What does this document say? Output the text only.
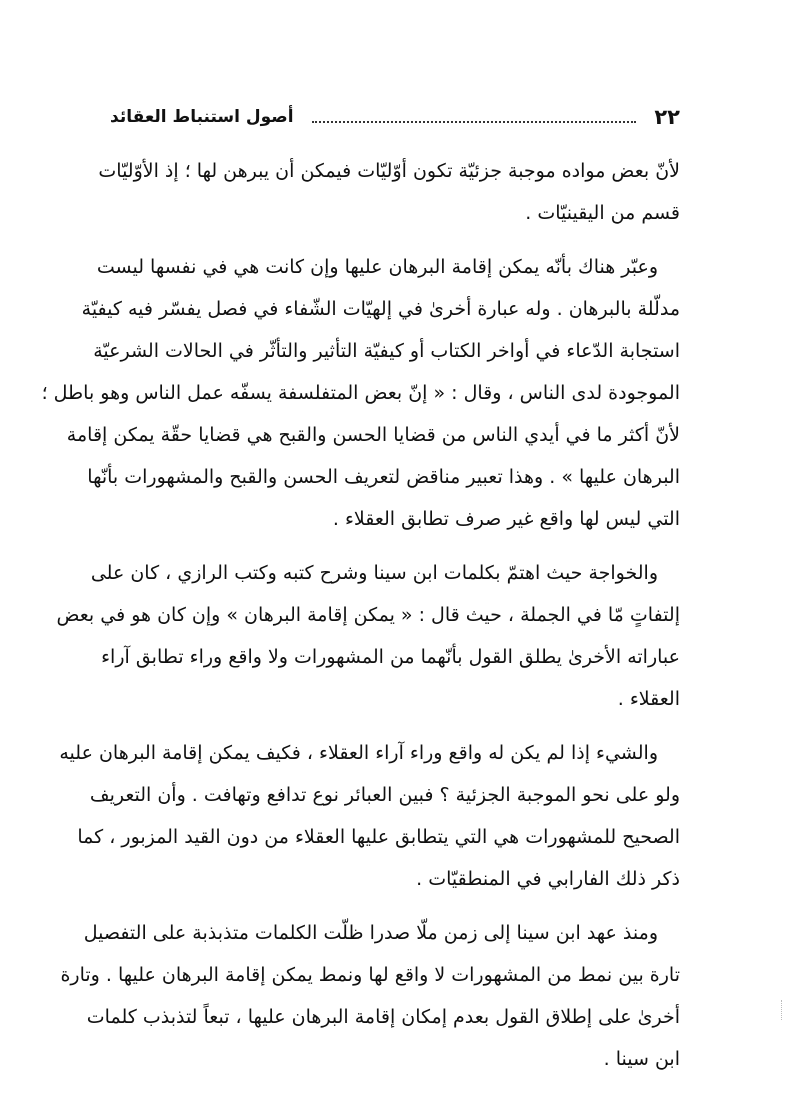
٢٢
أصول استنباط العقائد

لأنّ بعض مواده موجبة جزئيّة تكون أوّليّات فيمكن أن يبرهن لها ؛ إذ الأوّليّات
قسم من اليقينيّات .

وعبّر هناك بأنّه يمكن إقامة البرهان عليها وإن كانت هي في نفسها ليست
مدلّلة بالبرهان . وله عبارة أخرىٰ في إلهيّات الشّفاء في فصل يفسّر فيه كيفيّة
استجابة الدّعاء في أواخر الكتاب أو كيفيّة التأثير والتأثّر في الحالات الشرعيّة
الموجودة لدى الناس ، وقال : « إنّ بعض المتفلسفة يسفّه عمل الناس وهو باطل ؛
لأنّ أكثر ما في أيدي الناس من قضايا الحسن والقبح هي قضايا حقّة يمكن إقامة
البرهان عليها » . وهذا تعبير مناقض لتعريف الحسن والقبح والمشهورات بأنّها
التي ليس لها واقع غير صرف تطابق العقلاء .

والخواجة حيث اهتمّ بكلمات ابن سينا وشرح كتبه وكتب الرازي ، كان على
إلتفاتٍ مّا في الجملة ، حيث قال : « يمكن إقامة البرهان » وإن كان هو في بعض
عباراته الأخرىٰ يطلق القول بأنّهما من المشهورات ولا واقع وراء تطابق آراء
العقلاء .

والشيء إذا لم يكن له واقع وراء آراء العقلاء ، فكيف يمكن إقامة البرهان عليه
ولو على نحو الموجبة الجزئية ؟ فبين العبائر نوع تدافع وتهافت . وأن التعريف
الصحيح للمشهورات هي التي يتطابق عليها العقلاء من دون القيد المزبور ، كما
ذكر ذلك الفارابي في المنطقيّات .

ومنذ عهد ابن سينا إلى زمن ملّا صدرا ظلّت الكلمات متذبذبة على التفصيل
تارة بين نمط من المشهورات لا واقع لها ونمط يمكن إقامة البرهان عليها . وتارة
أخرىٰ على إطلاق القول بعدم إمكان إقامة البرهان عليها ، تبعاً لتذبذب كلمات
ابن سينا .
